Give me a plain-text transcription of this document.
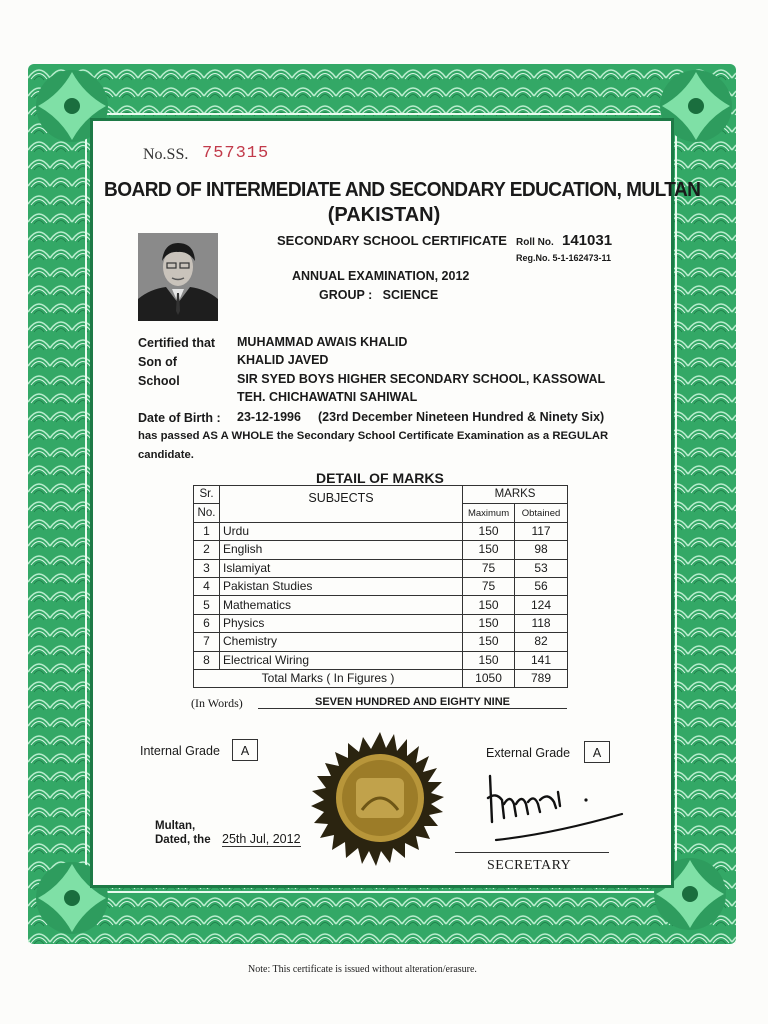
No.SS. 757315
BOARD OF INTERMEDIATE AND SECONDARY EDUCATION, MULTAN
(PAKISTAN)
SECONDARY SCHOOL CERTIFICATE Roll No. 141031
Reg.No. 5-1-162473-11
ANNUAL EXAMINATION, 2012
GROUP : SCIENCE
Certified that MUHAMMAD AWAIS KHALID
Son of	KHALID JAVED
School	SIR SYED BOYS HIGHER SECONDARY SCHOOL, KASSOWAL
TEH. CHICHAWATNI SAHIWAL
Date of Birth : 23-12-1996 (23rd December Nineteen Hundred & Ninety Six)
has passed AS A WHOLE the Secondary School Certificate Examination as a REGULAR
candidate.
DETAIL OF MARKS
Sr.	SUBJECTS	MARKS	
No.		Maximum	Obtained
1	Urdu	150	117
2	English	150	98
3	Islamiyat	75	53
4	Pakistan Studies	75	56
5	Mathematics	150	124
6	Physics	150	118
7	Chemistry	150	82
8	Electrical Wiring	150	141
Total Marks ( In Figures )		1050	789
(In Words)	SEVEN HUNDRED AND EIGHTY NINE
Internal Grade	A	External Grade	A
SECRETARY
Multan,
Dated, the 25th Jul, 2012
Note: This certificate is issued without alteration/erasure.
